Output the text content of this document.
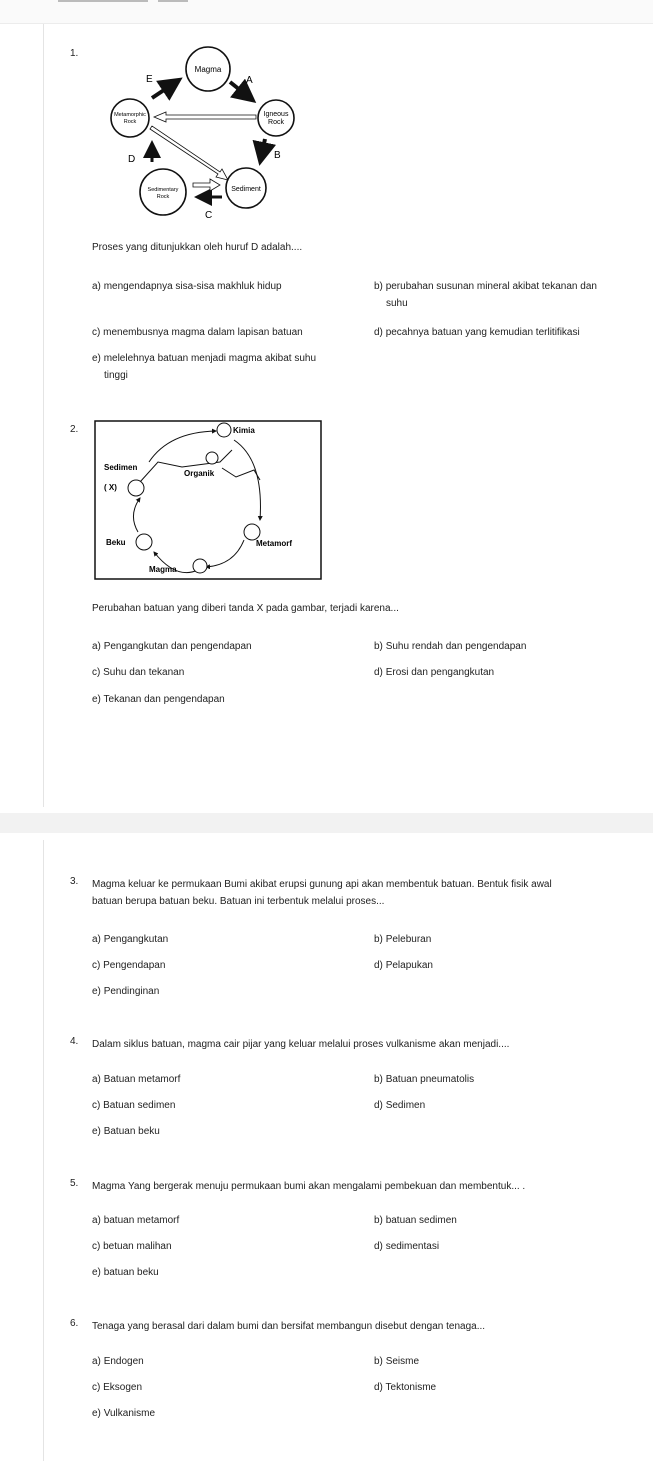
1.
Magma
Igneous
Rock
Metamorphic
Rock
Sedimentary
Rock
Sediment
A
B
C
D
E
Proses yang ditunjukkan oleh huruf D adalah....
a) mengendapnya sisa-sisa makhluk hidup	b) perubahan susunan mineral akibat tekanan dan
suhu
c) menembusnya magma dalam lapisan batuan	d) pecahnya batuan yang kemudian terlitifikasi
e) melelehnya batuan menjadi magma akibat suhu
tinggi
2.	Kimia
Organik
Sedimen
( X)
Beku	Metamorf
Magma
Perubahan batuan yang diberi tanda X pada gambar, terjadi karena...
a) Pengangkutan dan pengendapan	b) Suhu rendah dan pengendapan
c) Suhu dan tekanan	d) Erosi dan pengangkutan
e) Tekanan dan pengendapan
3. Magma keluar ke permukaan Bumi akibat erupsi gunung api akan membentuk batuan. Bentuk fisik awal
batuan berupa batuan beku. Batuan ini terbentuk melalui proses...
a) Pengangkutan	b) Peleburan
c) Pengendapan	d) Pelapukan
e) Pendinginan
4. Dalam siklus batuan, magma cair pijar yang keluar melalui proses vulkanisme akan menjadi....
a) Batuan metamorf	b) Batuan pneumatolis
c) Batuan sedimen	d) Sedimen
e) Batuan beku
5. Magma Yang bergerak menuju permukaan bumi akan mengalami pembekuan dan membentuk... .
a) batuan metamorf	b) batuan sedimen
c) betuan malihan	d) sedimentasi
e) batuan beku
6. Tenaga yang berasal dari dalam bumi dan bersifat membangun disebut dengan tenaga...
a) Endogen	b) Seisme
c) Eksogen	d) Tektonisme
e) Vulkanisme
